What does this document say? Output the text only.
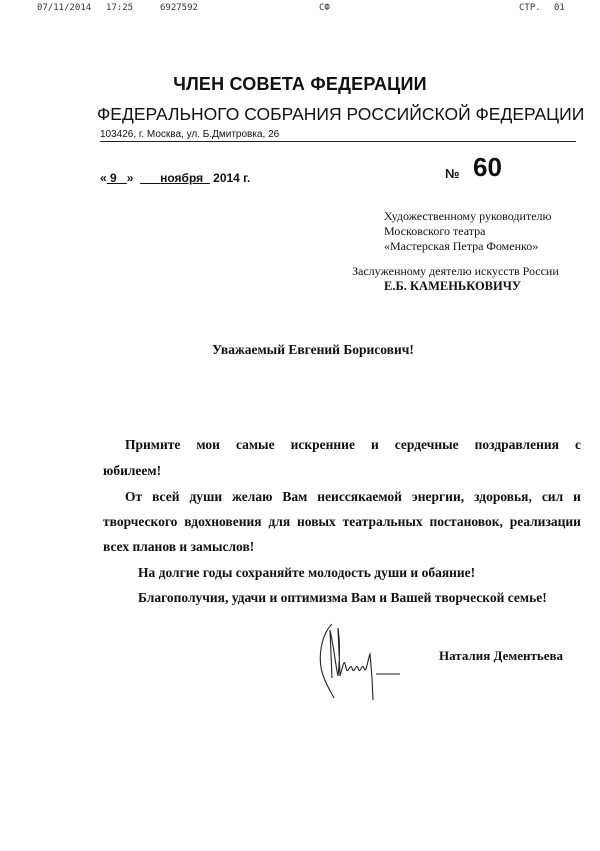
07/11/2014 17:25	6927592	СФ	СТР. 01
ЧЛЕН СОВЕТА ФЕДЕРАЦИИ
ФЕДЕРАЛЬНОГО СОБРАНИЯ РОССИЙСКОЙ ФЕДЕРАЦИИ
103426, г. Москва, ул. Б.Дмитровка, 26
« 9 » ноября 2014 г.	№ 60
Художественному руководителю
Московского театра
«Мастерская Петра Фоменко»
Заслуженному деятелю искусств России
Е.Б. КАМЕНЬКОВИЧУ
Уважаемый Евгений Борисович!
Примите мои самые искренние и сердечные поздравления с
юбилеем!
От всей души желаю Вам неиссякаемой энергии, здоровья, сил и
творческого вдохновения для новых театральных постановок, реализации
всех планов и замыслов!
На долгие годы сохраняйте молодость души и обаяние!
Благополучия, удачи и оптимизма Вам и Вашей творческой семье!
Наталия Дементьева
